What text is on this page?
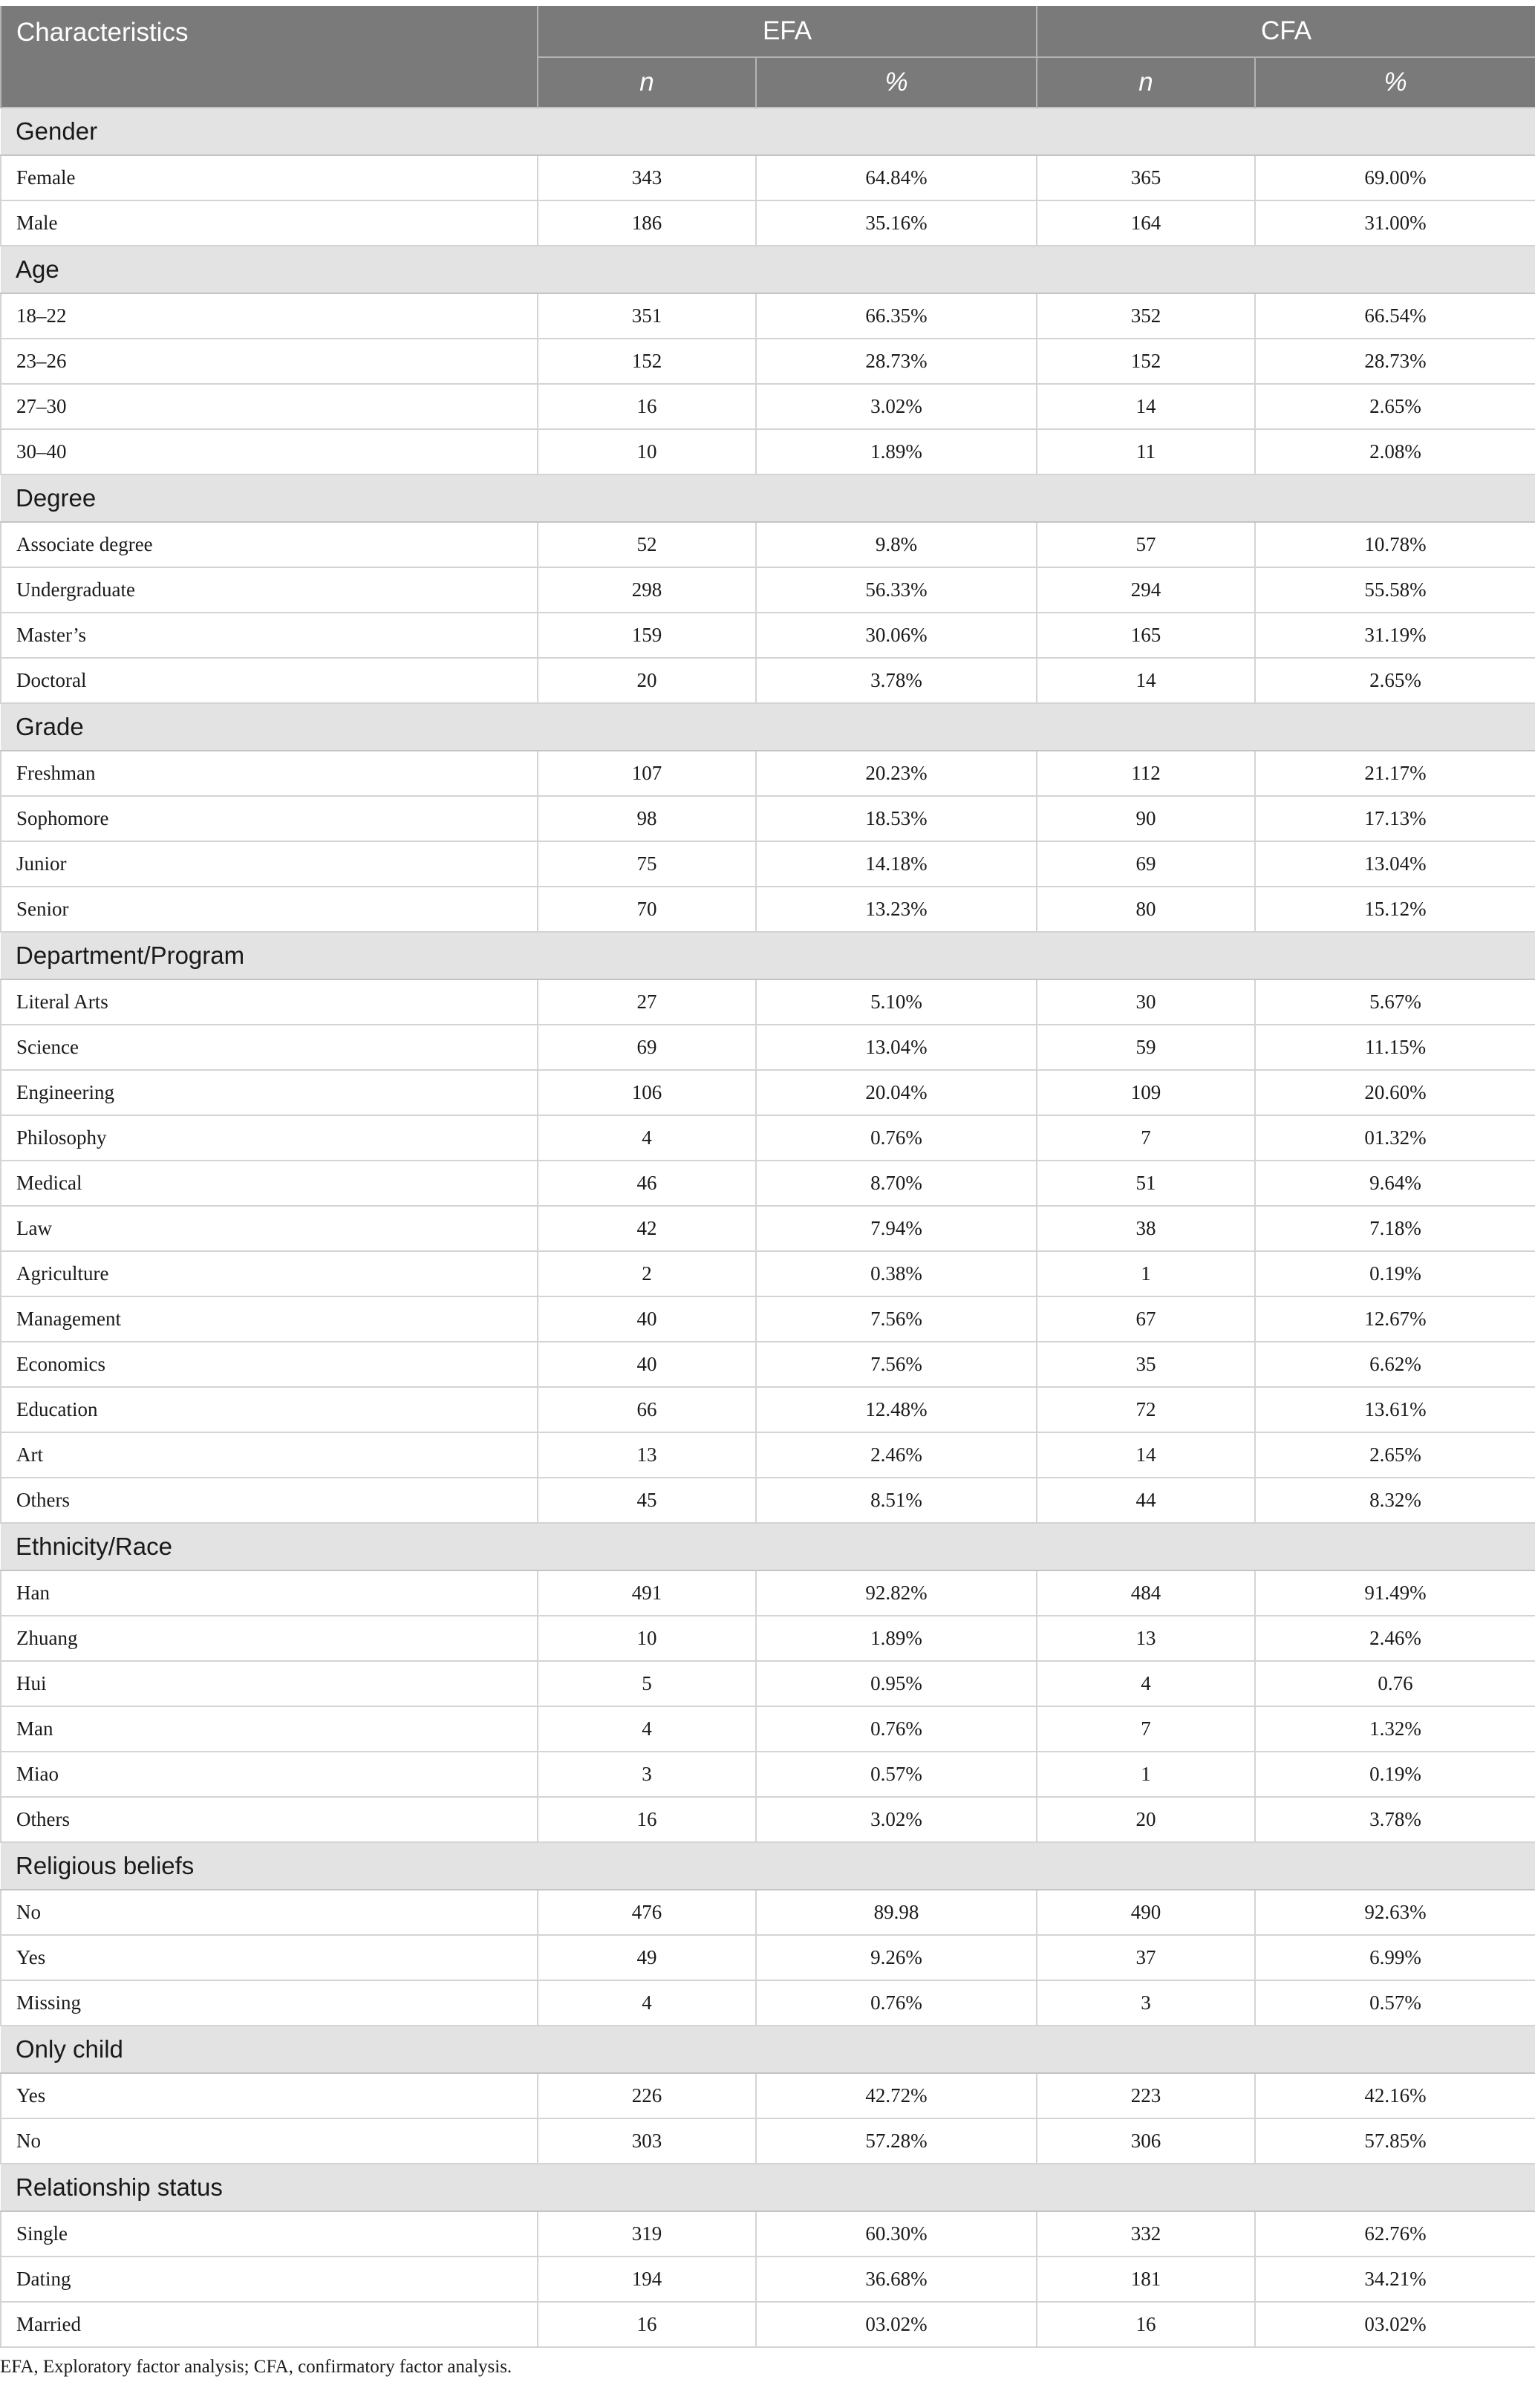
Characteristics	EFA		CFA	
	n	%	n	%
Gender				
Female	343	64.84%	365	69.00%
Male	186	35.16%	164	31.00%
Age				
18–22	351	66.35%	352	66.54%
23–26	152	28.73%	152	28.73%
27–30	16	3.02%	14	2.65%
30–40	10	1.89%	11	2.08%
Degree				
Associate degree	52	9.8%	57	10.78%
Undergraduate	298	56.33%	294	55.58%
Master’s	159	30.06%	165	31.19%
Doctoral	20	3.78%	14	2.65%
Grade				
Freshman	107	20.23%	112	21.17%
Sophomore	98	18.53%	90	17.13%
Junior	75	14.18%	69	13.04%
Senior	70	13.23%	80	15.12%
Department/Program				
Literal Arts	27	5.10%	30	5.67%
Science	69	13.04%	59	11.15%
Engineering	106	20.04%	109	20.60%
Philosophy	4	0.76%	7	01.32%
Medical	46	8.70%	51	9.64%
Law	42	7.94%	38	7.18%
Agriculture	2	0.38%	1	0.19%
Management	40	7.56%	67	12.67%
Economics	40	7.56%	35	6.62%
Education	66	12.48%	72	13.61%
Art	13	2.46%	14	2.65%
Others	45	8.51%	44	8.32%
Ethnicity/Race				
Han	491	92.82%	484	91.49%
Zhuang	10	1.89%	13	2.46%
Hui	5	0.95%	4	0.76
Man	4	0.76%	7	1.32%
Miao	3	0.57%	1	0.19%
Others	16	3.02%	20	3.78%
Religious beliefs				
No	476	89.98	490	92.63%
Yes	49	9.26%	37	6.99%
Missing	4	0.76%	3	0.57%
Only child				
Yes	226	42.72%	223	42.16%
No	303	57.28%	306	57.85%
Relationship status				
Single	319	60.30%	332	62.76%
Dating	194	36.68%	181	34.21%
Married	16	03.02%	16	03.02%
EFA, Exploratory factor analysis; CFA, confirmatory factor analysis.
